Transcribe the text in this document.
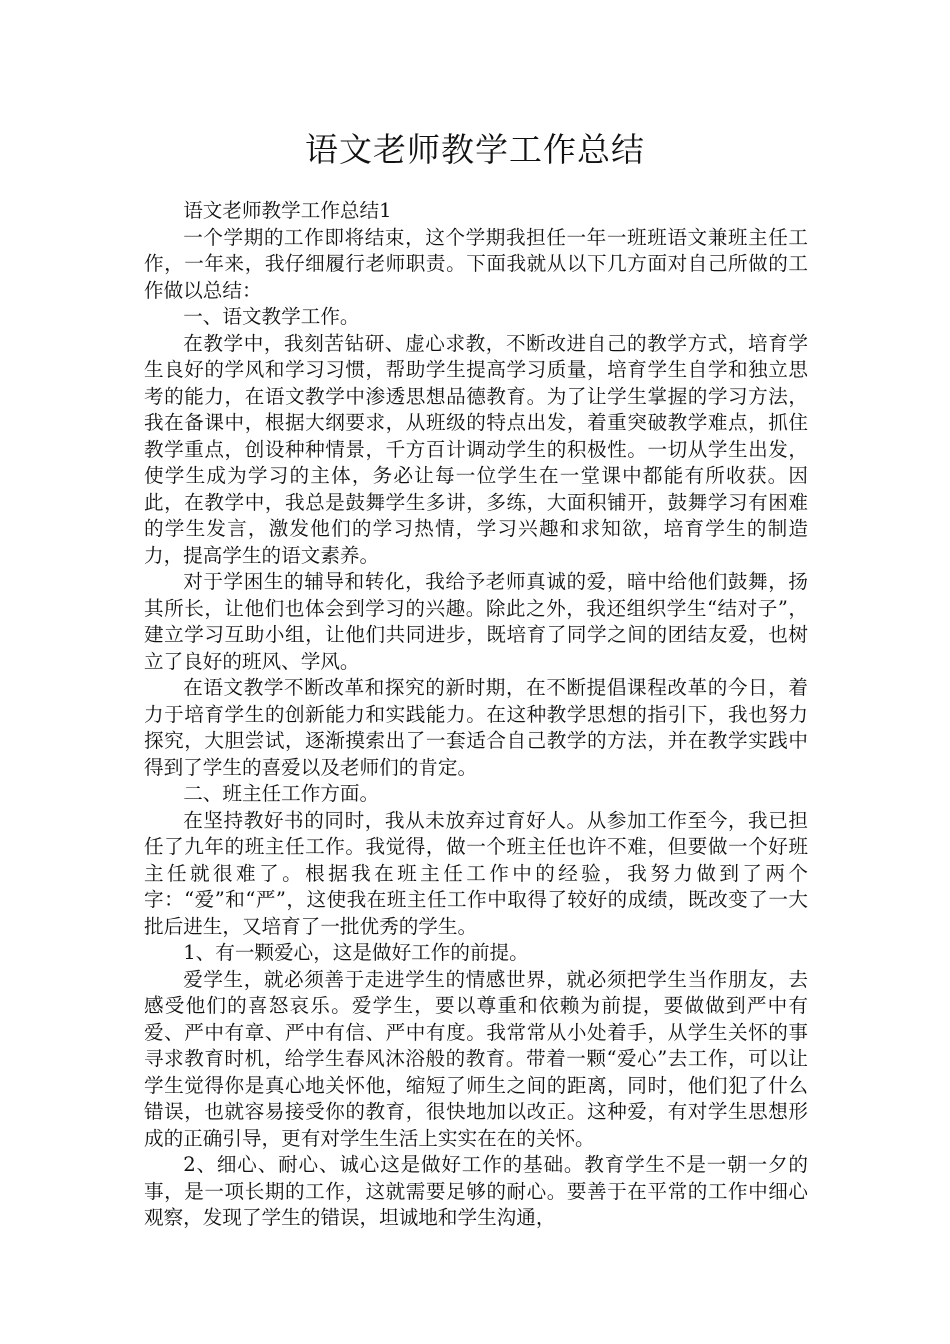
语文老师教学工作总结

语文老师教学工作总结1

一个学期的工作即将结束，这个学期我担任一年一班班语文兼班主任工作，一年来，我仔细履行老师职责。下面我就从以下几方面对自己所做的工作做以总结：

一、语文教学工作。

在教学中，我刻苦钻研、虚心求教，不断改进自己的教学方式，培育学生良好的学风和学习习惯，帮助学生提高学习质量，培育学生自学和独立思考的能力，在语文教学中渗透思想品德教育。为了让学生掌握的学习方法，我在备课中，根据大纲要求，从班级的特点出发，着重突破教学难点，抓住教学重点，创设种种情景，千方百计调动学生的积极性。一切从学生出发，使学生成为学习的主体，务必让每一位学生在一堂课中都能有所收获。因此，在教学中，我总是鼓舞学生多讲，多练，大面积铺开，鼓舞学习有困难的学生发言，激发他们的学习热情，学习兴趣和求知欲，培育学生的制造力，提高学生的语文素养。

对于学困生的辅导和转化，我给予老师真诚的爱，暗中给他们鼓舞，扬其所长，让他们也体会到学习的兴趣。除此之外，我还组织学生“结对子”，建立学习互助小组，让他们共同进步，既培育了同学之间的团结友爱，也树立了良好的班风、学风。

在语文教学不断改革和探究的新时期，在不断提倡课程改革的今日，着力于培育学生的创新能力和实践能力。在这种教学思想的指引下，我也努力探究，大胆尝试，逐渐摸索出了一套适合自己教学的方法，并在教学实践中得到了学生的喜爱以及老师们的肯定。

二、班主任工作方面。

在坚持教好书的同时，我从未放弃过育好人。从参加工作至今，我已担任了九年的班主任工作。我觉得，做一个班主任也许不难，但要做一个好班主任就很难了。根据我在班主任工作中的经验，我努力做到了两个字：“爱”和“严”，这使我在班主任工作中取得了较好的成绩，既改变了一大批后进生，又培育了一批优秀的学生。

1、有一颗爱心，这是做好工作的前提。

爱学生，就必须善于走进学生的情感世界，就必须把学生当作朋友，去感受他们的喜怒哀乐。爱学生，要以尊重和依赖为前提，要做做到严中有爱、严中有章、严中有信、严中有度。我常常从小处着手，从学生关怀的事寻求教育时机，给学生春风沐浴般的教育。带着一颗“爱心”去工作，可以让学生觉得你是真心地关怀他，缩短了师生之间的距离，同时，他们犯了什么错误，也就容易接受你的教育，很快地加以改正。这种爱，有对学生思想形成的正确引导，更有对学生生活上实实在在的关怀。

2、细心、耐心、诚心这是做好工作的基础。教育学生不是一朝一夕的事，是一项长期的工作，这就需要足够的耐心。要善于在平常的工作中细心观察，发现了学生的错误，坦诚地和学生沟通，
